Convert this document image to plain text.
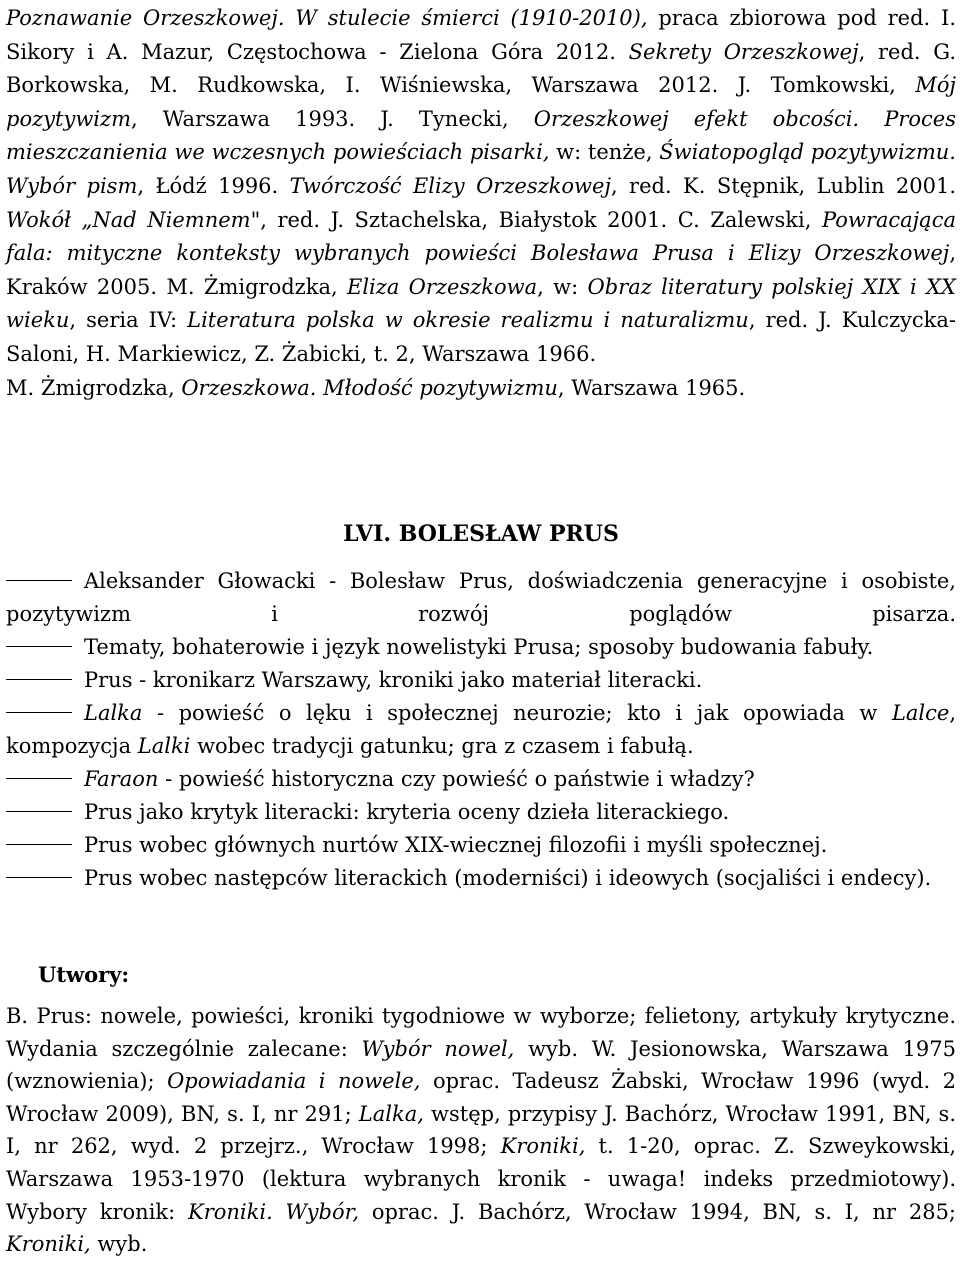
Poznawanie Orzeszkowej. W stulecie śmierci (1910-2010), praca zbiorowa pod red. I. Sikory i A. Mazur, Częstochowa - Zielona Góra 2012. Sekrety Orzeszkowej, red. G. Borkowska, M. Rudkowska, I. Wiśniewska, Warszawa 2012. J. Tomkowski, Mój pozytywizm, Warszawa 1993. J. Tynecki, Orzeszkowej efekt obcości. Proces mieszczanienia we wczesnych powieściach pisarki, w: tenże, Światopogląd pozytywizmu. Wybór pism, Łódź 1996. Twórczość Elizy Orzeszkowej, red. K. Stępnik, Lublin 2001. Wokół „Nad Niemnem", red. J. Sztachelska, Białystok 2001. C. Zalewski, Powracająca fala: mityczne konteksty wybranych powieści Bolesława Prusa i Elizy Orzeszkowej, Kraków 2005. M. Żmigrodzka, Eliza Orzeszkowa, w: Obraz literatury polskiej XIX i XX wieku, seria IV: Literatura polska w okresie realizmu i naturalizmu, red. J. Kulczycka-Saloni, H. Markiewicz, Z. Żabicki, t. 2, Warszawa 1966.

M. Żmigrodzka, Orzeszkowa. Młodość pozytywizmu, Warszawa 1965.

LVI. BOLESŁAW PRUS

Aleksander Głowacki - Bolesław Prus, doświadczenia generacyjne i osobiste, pozytywizm i rozwój poglądów pisarza.

Tematy, bohaterowie i język nowelistyki Prusa; sposoby budowania fabuły.

Prus - kronikarz Warszawy, kroniki jako materiał literacki.

Lalka - powieść o lęku i społecznej neurozie; kto i jak opowiada w Lalce, kompozycja Lalki wobec tradycji gatunku; gra z czasem i fabułą.

Faraon - powieść historyczna czy powieść o państwie i władzy?

Prus jako krytyk literacki: kryteria oceny dzieła literackiego.

Prus wobec głównych nurtów XIX-wiecznej filozofii i myśli społecznej.

Prus wobec następców literackich (moderniści) i ideowych (socjaliści i endecy).

Utwory:

B. Prus: nowele, powieści, kroniki tygodniowe w wyborze; felietony, artykuły krytyczne. Wydania szczególnie zalecane: Wybór nowel, wyb. W. Jesionowska, Warszawa 1975 (wznowienia); Opowiadania i nowele, oprac. Tadeusz Żabski, Wrocław 1996 (wyd. 2 Wrocław 2009), BN, s. I, nr 291; Lalka, wstęp, przypisy J. Bachórz, Wrocław 1991, BN, s. I, nr 262, wyd. 2 przejrz., Wrocław 1998; Kroniki, t. 1-20, oprac. Z. Szweykowski, Warszawa 1953-1970 (lektura wybranych kronik - uwaga! indeks przedmiotowy). Wybory kronik: Kroniki. Wybór, oprac. J. Bachórz, Wrocław 1994, BN, s. I, nr 285; Kroniki, wyb.
